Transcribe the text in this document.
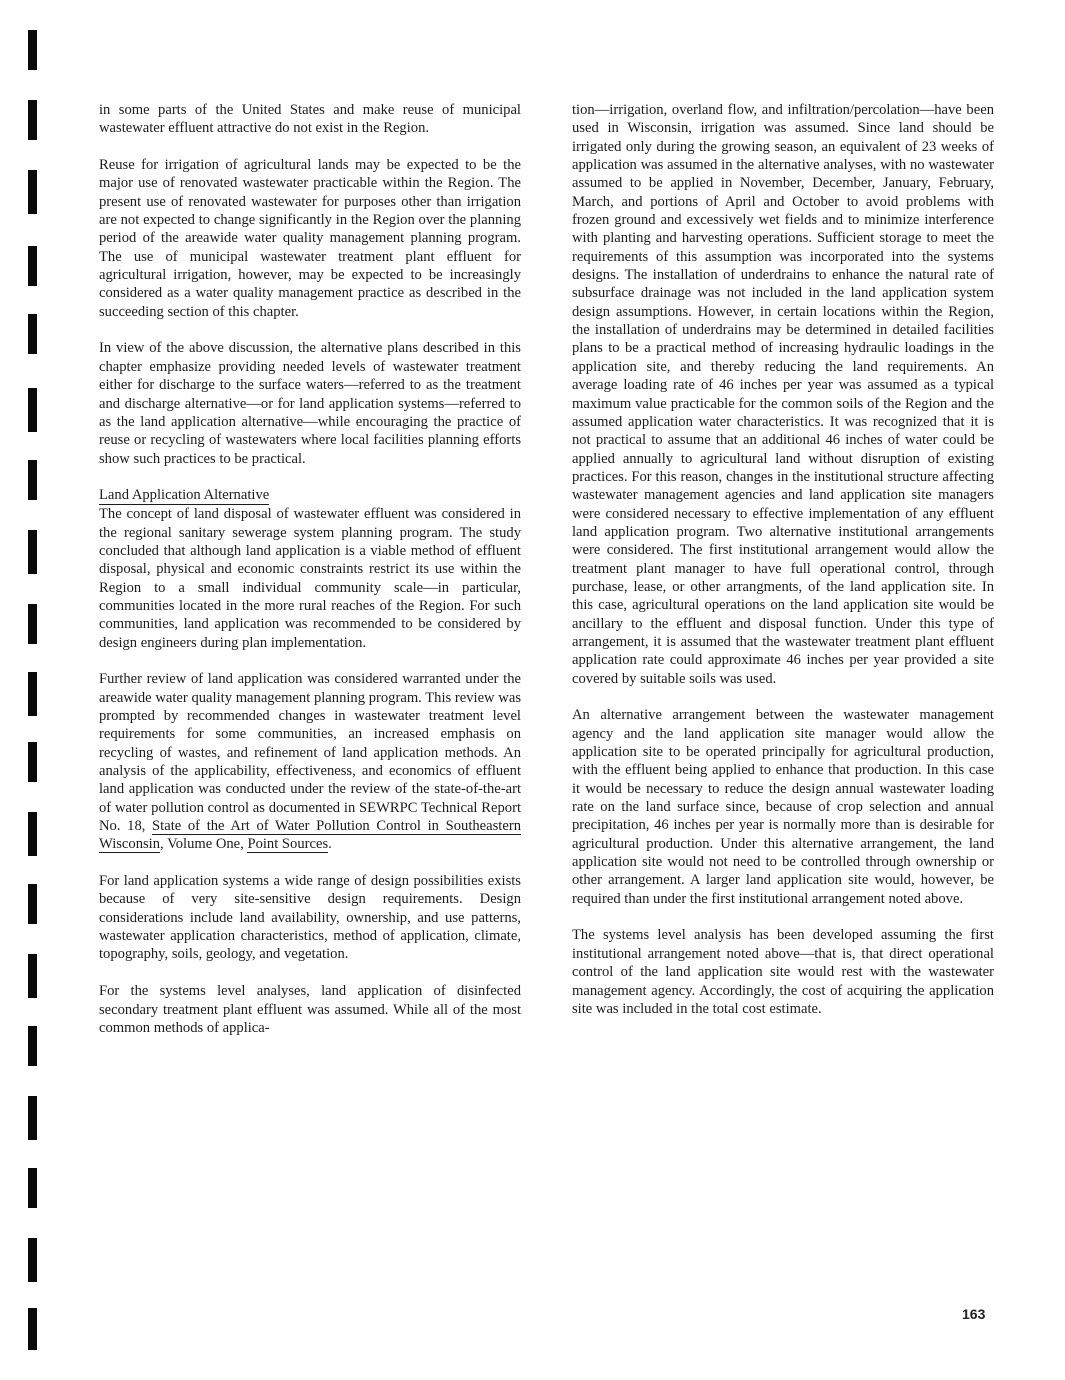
in some parts of the United States and make reuse of municipal wastewater effluent attractive do not exist in the Region.

Reuse for irrigation of agricultural lands may be expected to be the major use of renovated wastewater practicable within the Region. The present use of renovated wastewater for purposes other than irrigation are not expected to change significantly in the Region over the planning period of the areawide water quality management planning program. The use of municipal wastewater treatment plant effluent for agricultural irrigation, however, may be expected to be increasingly considered as a water quality management practice as described in the succeeding section of this chapter.

In view of the above discussion, the alternative plans described in this chapter emphasize providing needed levels of wastewater treatment either for discharge to the surface waters—referred to as the treatment and discharge alternative—or for land application systems—referred to as the land application alternative—while encouraging the practice of reuse or recycling of wastewaters where local facilities planning efforts show such practices to be practical.

Land Application Alternative

The concept of land disposal of wastewater effluent was considered in the regional sanitary sewerage system planning program. The study concluded that although land application is a viable method of effluent disposal, physical and economic constraints restrict its use within the Region to a small individual community scale—in particular, communities located in the more rural reaches of the Region. For such communities, land application was recommended to be considered by design engineers during plan implementation.

Further review of land application was considered warranted under the areawide water quality management planning program. This review was prompted by recommended changes in wastewater treatment level requirements for some communities, an increased emphasis on recycling of wastes, and refinement of land application methods. An analysis of the applicability, effectiveness, and economics of effluent land application was conducted under the review of the state-of-the-art of water pollution control as documented in SEWRPC Technical Report No. 18, State of the Art of Water Pollution Control in Southeastern Wisconsin, Volume One, Point Sources.

For land application systems a wide range of design possibilities exists because of very site-sensitive design requirements. Design considerations include land availability, ownership, and use patterns, wastewater application characteristics, method of application, climate, topography, soils, geology, and vegetation.

For the systems level analyses, land application of disinfected secondary treatment plant effluent was assumed. While all of the most common methods of applica-

tion—irrigation, overland flow, and infiltration/percolation—have been used in Wisconsin, irrigation was assumed. Since land should be irrigated only during the growing season, an equivalent of 23 weeks of application was assumed in the alternative analyses, with no wastewater assumed to be applied in November, December, January, February, March, and portions of April and October to avoid problems with frozen ground and excessively wet fields and to minimize interference with planting and harvesting operations. Sufficient storage to meet the requirements of this assumption was incorporated into the systems designs. The installation of underdrains to enhance the natural rate of subsurface drainage was not included in the land application system design assumptions. However, in certain locations within the Region, the installation of underdrains may be determined in detailed facilities plans to be a practical method of increasing hydraulic loadings in the application site, and thereby reducing the land requirements. An average loading rate of 46 inches per year was assumed as a typical maximum value practicable for the common soils of the Region and the assumed application water characteristics. It was recognized that it is not practical to assume that an additional 46 inches of water could be applied annually to agricultural land without disruption of existing practices. For this reason, changes in the institutional structure affecting wastewater management agencies and land application site managers were considered necessary to effective implementation of any effluent land application program. Two alternative institutional arrangements were considered. The first institutional arrangement would allow the treatment plant manager to have full operational control, through purchase, lease, or other arrangments, of the land application site. In this case, agricultural operations on the land application site would be ancillary to the effluent and disposal function. Under this type of arrangement, it is assumed that the wastewater treatment plant effluent application rate could approximate 46 inches per year provided a site covered by suitable soils was used.

An alternative arrangement between the wastewater management agency and the land application site manager would allow the application site to be operated principally for agricultural production, with the effluent being applied to enhance that production. In this case it would be necessary to reduce the design annual wastewater loading rate on the land surface since, because of crop selection and annual precipitation, 46 inches per year is normally more than is desirable for agricultural production. Under this alternative arrangement, the land application site would not need to be controlled through ownership or other arrangement. A larger land application site would, however, be required than under the first institutional arrangement noted above.

The systems level analysis has been developed assuming the first institutional arrangement noted above—that is, that direct operational control of the land application site would rest with the wastewater management agency. Accordingly, the cost of acquiring the application site was included in the total cost estimate.

163
